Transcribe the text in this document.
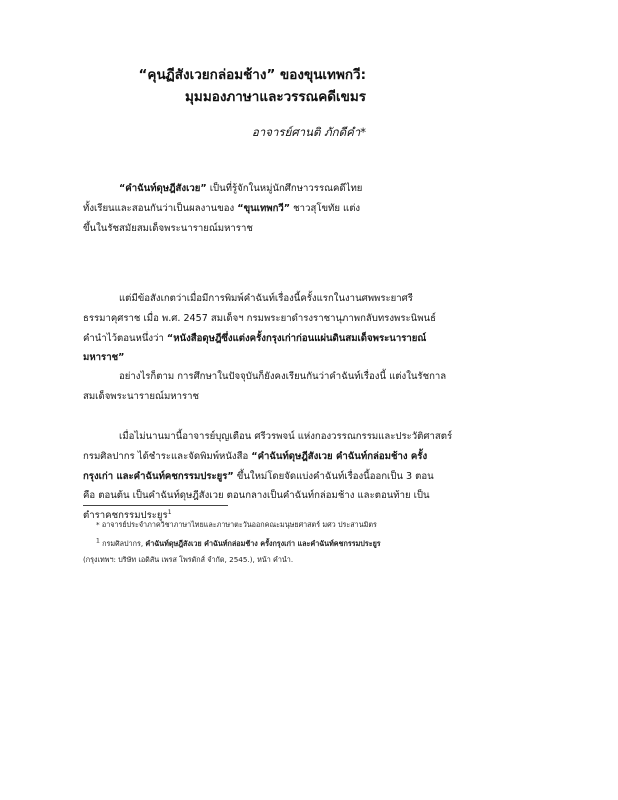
“คุนฏีสังเวยกล่อมช้าง” ของขุนเทพกวี:
มุมมองภาษาและวรรณคดีเขมร
อาจารย์ศานติ ภักดีคำ*
“คำฉันท์ดุษฎีสังเวย” เป็นที่รู้จักในหมู่นักศึกษาวรรณคดีไทย
ทั้งเรียนและสอนกันว่าเป็นผลงานของ “ขุนเทพกวี” ชาวสุโขทัย แต่ง
ขึ้นในรัชสมัยสมเด็จพระนารายณ์มหาราช
แต่มีข้อสังเกตว่าเมื่อมีการพิมพ์คำฉันท์เรื่องนี้ครั้งแรกในงานศพพระยาศรี
ธรรมาคุศราช เมื่อ พ.ศ. 2457 สมเด็จฯ กรมพระยาดำรงราชานุภาพกลับทรงพระนิพนธ์
คำนำไว้ตอนหนึ่งว่า “หนังสือดุษฎีซึ่งแต่งครั้งกรุงเก่าก่อนแผ่นดินสมเด็จพระนารายณ์
มหาราช”
อย่างไรก็ตาม การศึกษาในปัจจุบันก็ยังคงเรียนกันว่าคำฉันท์เรื่องนี้ แต่งในรัชกาล
สมเด็จพระนารายณ์มหาราช
เมื่อไม่นานมานี้อาจารย์บุญเตือน ศรีวรพจน์ แห่งกองวรรณกรรมและประวัติศาสตร์
กรมศิลปากร ได้ชำระและจัดพิมพ์หนังสือ “คำฉันท์ดุษฎีสังเวย คำฉันท์กล่อมช้าง ครั้ง
กรุงเก่า และคำฉันท์คชกรรมประยูร” ขึ้นใหม่โดยจัดแบ่งคำฉันท์เรื่องนี้ออกเป็น 3 ตอน
คือ ตอนต้น เป็นคำฉันท์ดุษฎีสังเวย ตอนกลางเป็นคำฉันท์กล่อมช้าง และตอนท้าย เป็น
ตำราคชกรรมประยูร$^1$
* อาจารย์ประจำภาควิชาภาษาไทยและภาษาตะวันออกคณะมนุษยศาสตร์ มศว ประสานมิตร
$^1$ กรมศิลปากร, คำฉันท์ดุษฎีสังเวย คำฉันท์กล่อมช้าง ครั้งกรุงเก่า และคำฉันท์คชกรรมประยูร
(กรุงเทพฯ: บริษัท เอดิสัน เพรส โพรดักส์ จำกัด, 2545.), หน้า คำนำ.
